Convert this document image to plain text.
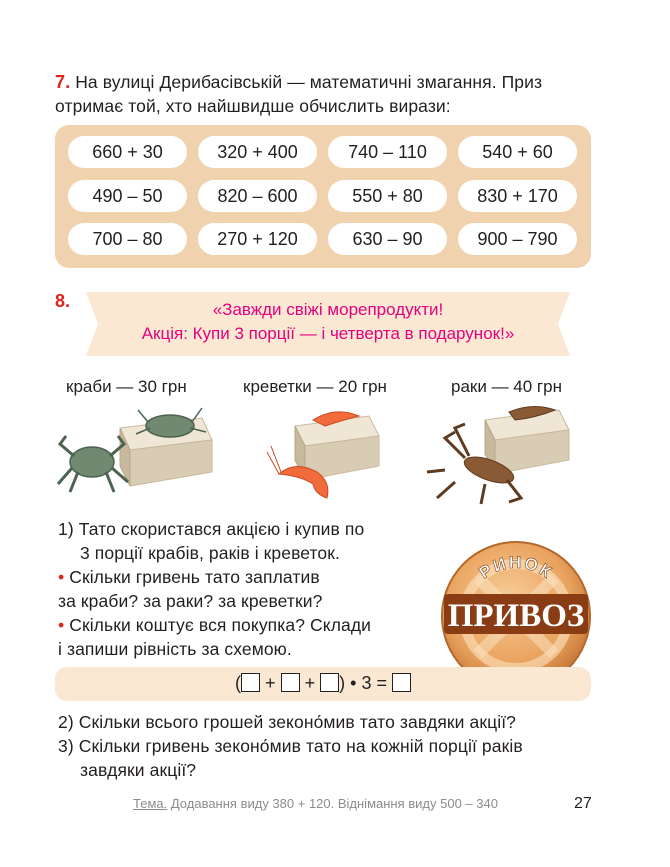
7. На вулиці Дерибасівській — математичні змагання. Приз
отримає той, хто найшвидше обчислить вирази:
660 + 30	320 + 400	740 – 110	540 + 60
490 – 50	820 – 600	550 + 80	830 + 170
700 – 80	270 + 120	630 – 90	900 – 790
8.	«Завжди свіжі морепродукти!
Акція: Купи 3 порції — і четверта в подарунок!»
краби — 30 грн	креветки — 20 грн	раки — 40 грн
1) Тато скористався акцією і купив по
3 порції крабів, раків і креветок.
• Скільки гривень тато заплатив
за краби? за раки? за креветки?
• Скільки коштує вся покупка? Склади
і запиши рівність за схемою.
РИНОК
ПРИВОЗ
( + + ) • 3 =
2) Скільки всього грошей зеконо́мив тато завдяки акції?
3) Скільки гривень зеконо́мив тато на кожній порції раків
завдяки акції?
Тема. Додавання виду 380 + 120. Віднімання виду 500 – 340	27
